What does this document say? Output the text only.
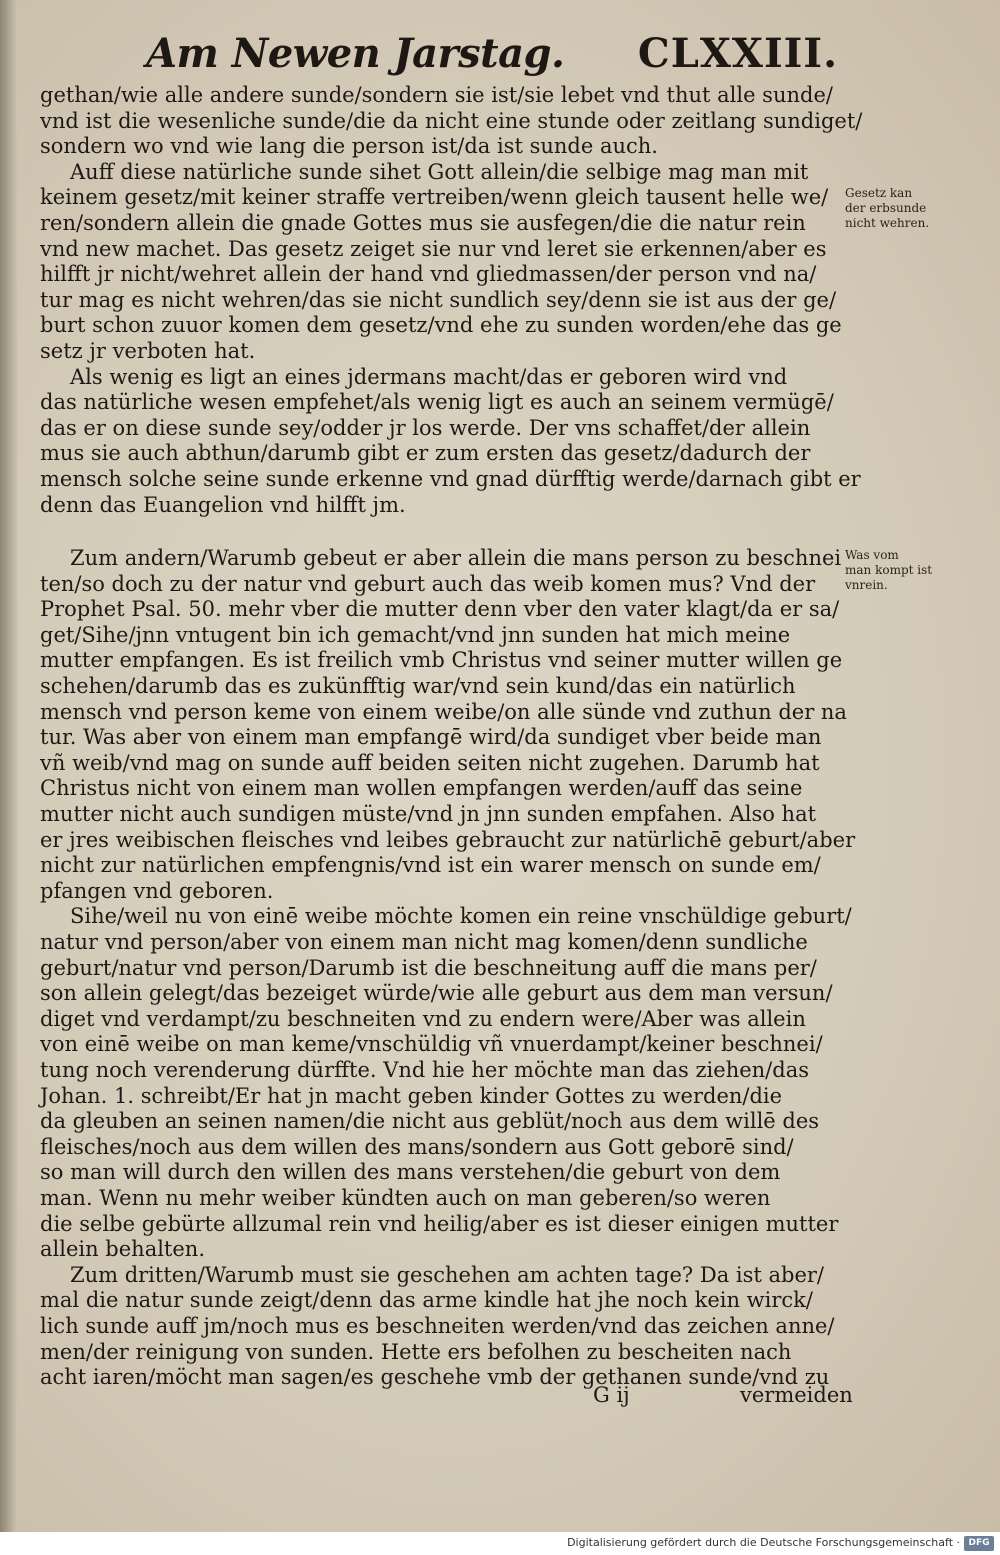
Am Newen Jarstag. CLXXIII.
gethan/wie alle andere sunde/sondern sie ist/sie lebet vnd thut alle sunde/
vnd ist die wesenliche sunde/die da nicht eine stunde oder zeitlang sundiget/
sondern wo vnd wie lang die person ist/da ist sunde auch.
Auff diese natürliche sunde sihet Gott allein/die selbige mag man mit
keinem gesetz/mit keiner straffe vertreiben/wenn gleich tausent helle we/
ren/sondern allein die gnade Gottes mus sie ausfegen/die die natur rein
vnd new machet. Das gesetz zeiget sie nur vnd leret sie erkennen/aber es
hilfft jr nicht/wehret allein der hand vnd gliedmassen/der person vnd na/
tur mag es nicht wehren/das sie nicht sundlich sey/denn sie ist aus der ge/
burt schon zuuor komen dem gesetz/vnd ehe zu sunden worden/ehe das ge
setz jr verboten hat.
Als wenig es ligt an eines jdermans macht/das er geboren wird vnd
das natürliche wesen empfehet/als wenig ligt es auch an seinem vermügē/
das er on diese sunde sey/odder jr los werde. Der vns schaffet/der allein
mus sie auch abthun/darumb gibt er zum ersten das gesetz/dadurch der
mensch solche seine sunde erkenne vnd gnad dürfftig werde/darnach gibt er
denn das Euangelion vnd hilfft jm.
Zum andern/Warumb gebeut er aber allein die mans person zu beschnei
ten/so doch zu der natur vnd geburt auch das weib komen mus? Vnd der
Prophet Psal. 50. mehr vber die mutter denn vber den vater klagt/da er sa/
get/Sihe/jnn vntugent bin ich gemacht/vnd jnn sunden hat mich meine
mutter empfangen. Es ist freilich vmb Christus vnd seiner mutter willen ge
schehen/darumb das es zukünfftig war/vnd sein kund/das ein natürlich
mensch vnd person keme von einem weibe/on alle sünde vnd zuthun der na
tur. Was aber von einem man empfangē wird/da sundiget vber beide man
vñ weib/vnd mag on sunde auff beiden seiten nicht zugehen. Darumb hat
Christus nicht von einem man wollen empfangen werden/auff das seine
mutter nicht auch sundigen müste/vnd jn jnn sunden empfahen. Also hat
er jres weibischen fleisches vnd leibes gebraucht zur natürlichē geburt/aber
nicht zur natürlichen empfengnis/vnd ist ein warer mensch on sunde em/
pfangen vnd geboren.
Sihe/weil nu von einē weibe möchte komen ein reine vnschüldige geburt/
natur vnd person/aber von einem man nicht mag komen/denn sundliche
geburt/natur vnd person/Darumb ist die beschneitung auff die mans per/
son allein gelegt/das bezeiget würde/wie alle geburt aus dem man versun/
diget vnd verdampt/zu beschneiten vnd zu endern were/Aber was allein
von einē weibe on man keme/vnschüldig vñ vnuerdampt/keiner beschnei/
tung noch verenderung dürffte. Vnd hie her möchte man das ziehen/das
Johan. 1. schreibt/Er hat jn macht geben kinder Gottes zu werden/die
da gleuben an seinen namen/die nicht aus geblüt/noch aus dem willē des
fleisches/noch aus dem willen des mans/sondern aus Gott geborē sind/
so man will durch den willen des mans verstehen/die geburt von dem
man. Wenn nu mehr weiber kündten auch on man geberen/so weren
die selbe gebürte allzumal rein vnd heilig/aber es ist dieser einigen mutter
allein behalten.
Zum dritten/Warumb must sie geschehen am achten tage? Da ist aber/
mal die natur sunde zeigt/denn das arme kindle hat jhe noch kein wirck/
lich sunde auff jm/noch mus es beschneiten werden/vnd das zeichen anne/
men/der reinigung von sunden. Hette ers befolhen zu bescheiten nach
acht iaren/möcht man sagen/es geschehe vmb der gethanen sunde/vnd zu
Gesetz kan
der erbsunde
nicht wehren.
Was vom
man kompt ist
vnrein.
G ij	vermeiden
Digitalisierung gefördert durch die Deutsche Forschungsgemeinschaft · DFG
